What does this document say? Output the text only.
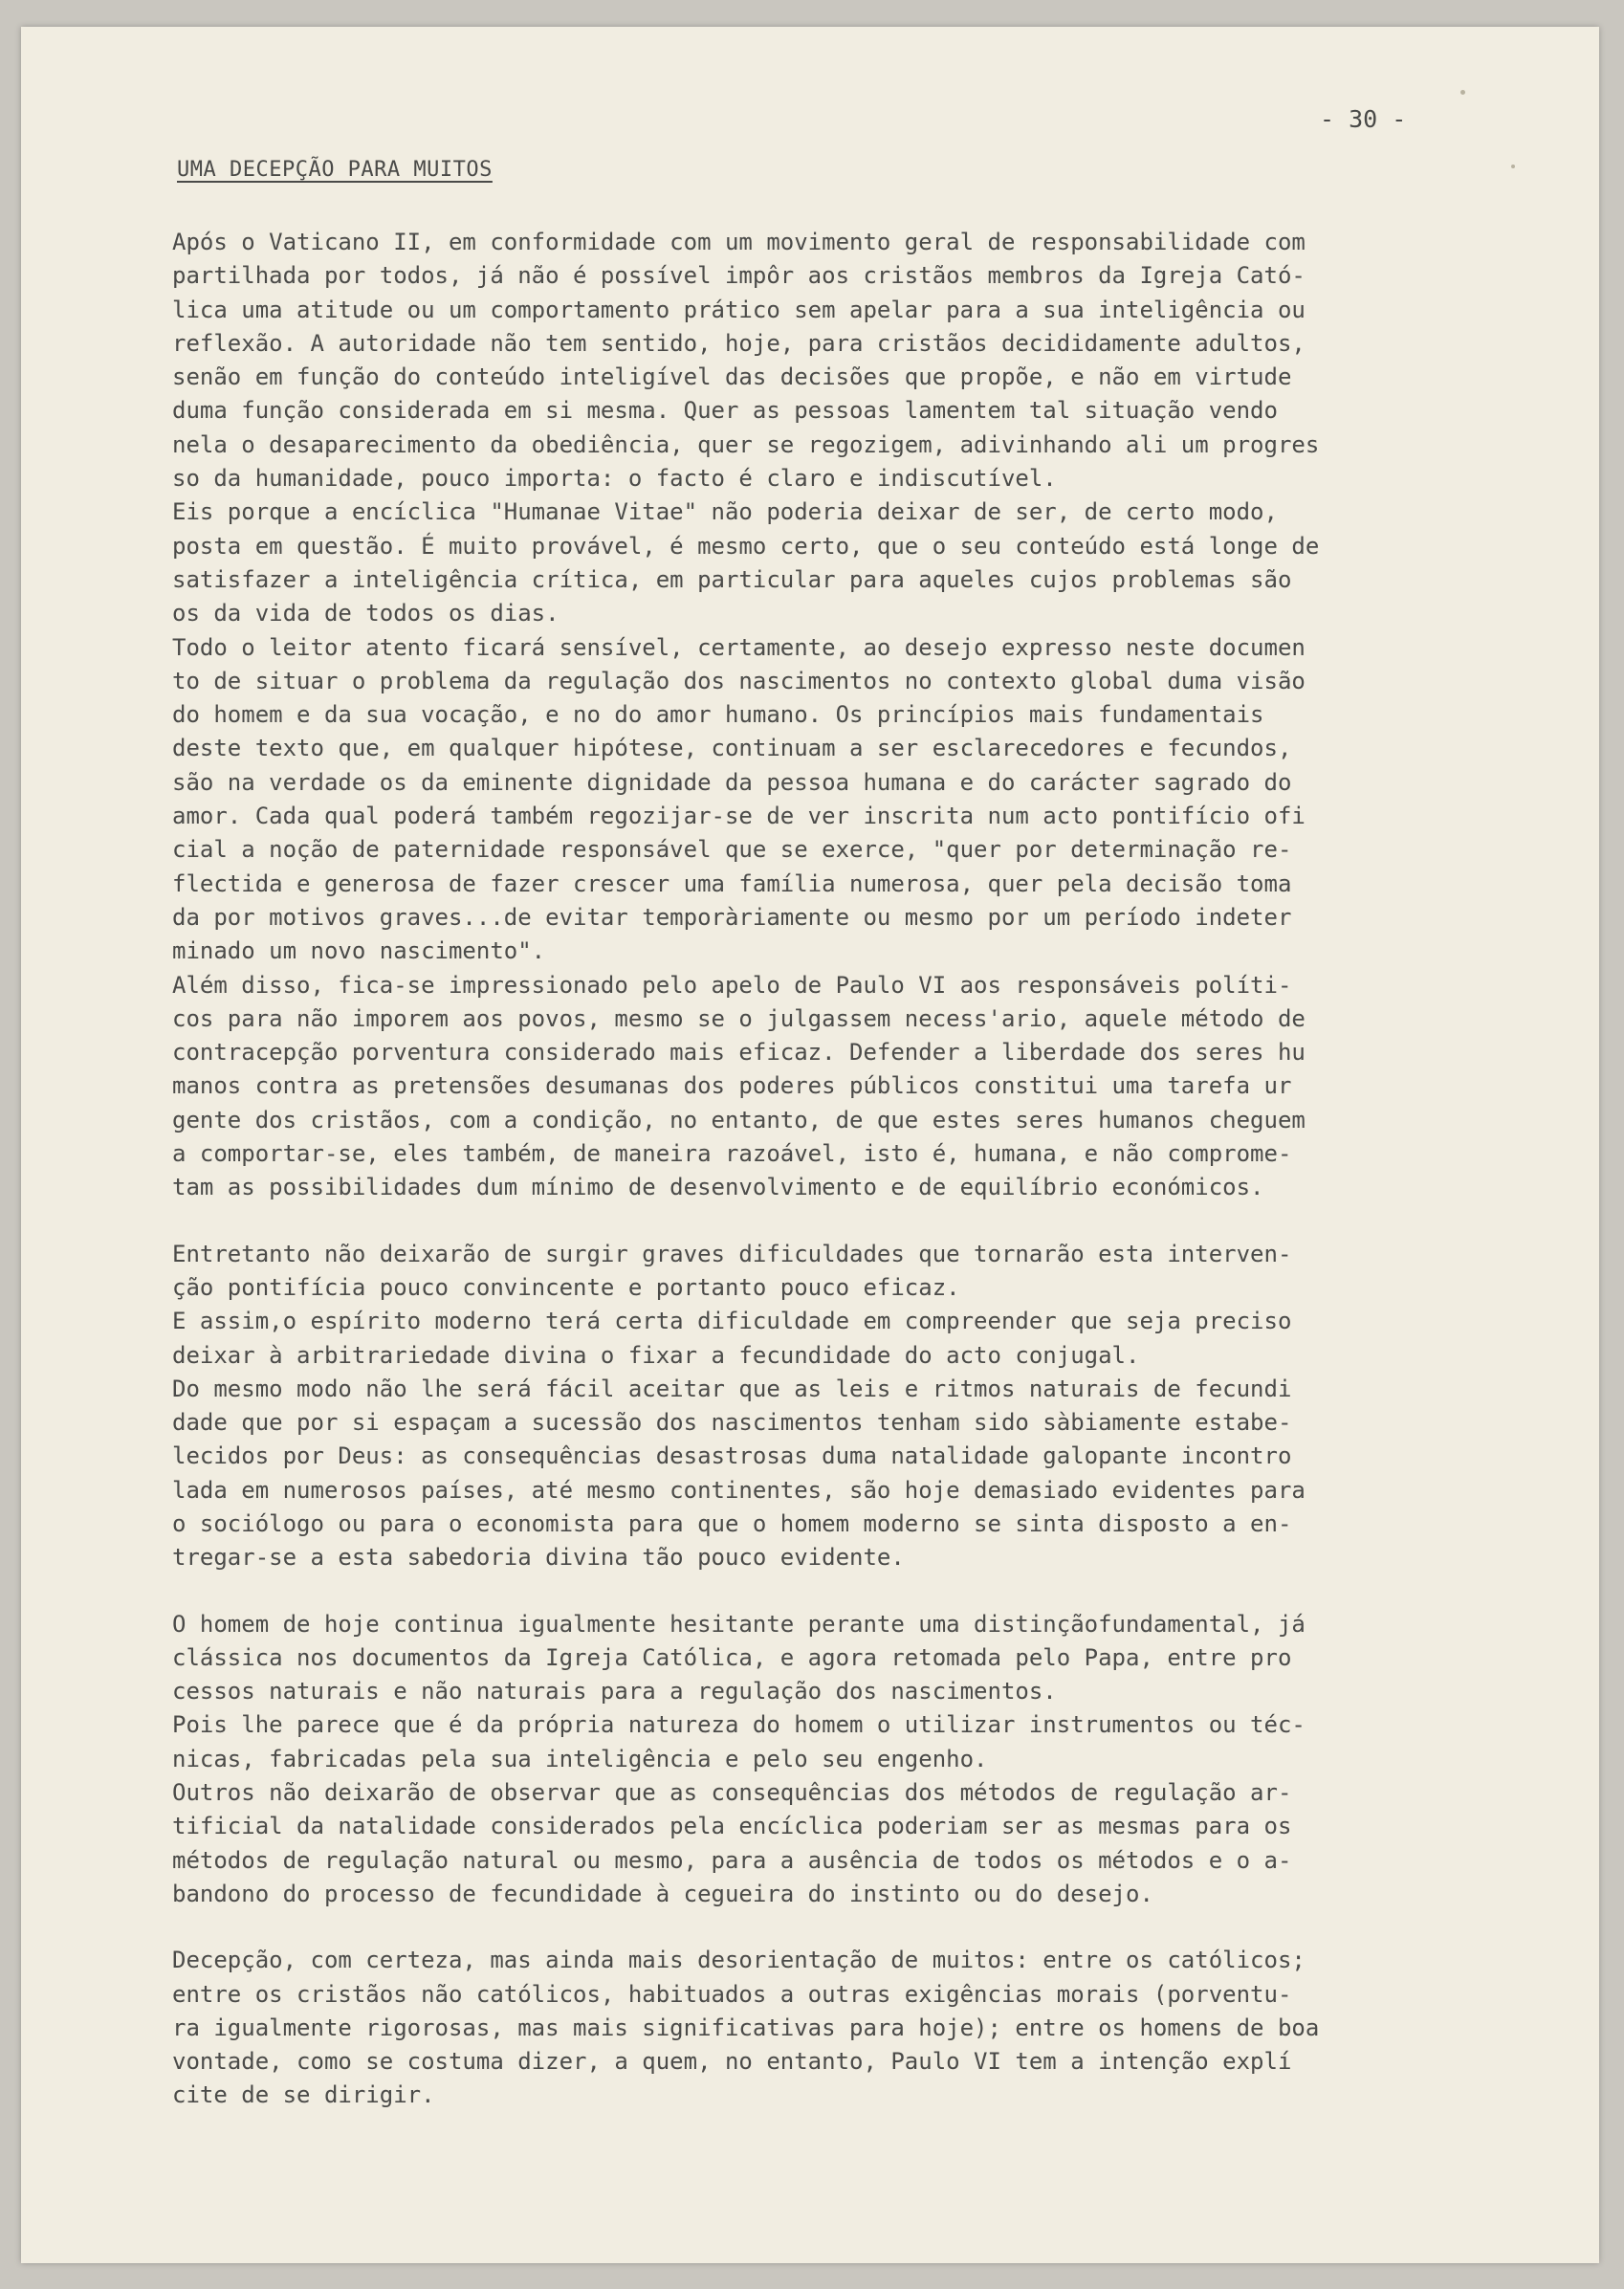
- 30 -
UMA DECEPÇÃO PARA MUITOS
Após o Vaticano II, em conformidade com um movimento geral de responsabilidade com
partilhada por todos, já não é possível impôr aos cristãos membros da Igreja Cató-
lica uma atitude ou um comportamento prático sem apelar para a sua inteligência ou
reflexão. A autoridade não tem sentido, hoje, para cristãos decididamente adultos,
senão em função do conteúdo inteligível das decisões que propõe, e não em virtude
duma função considerada em si mesma. Quer as pessoas lamentem tal situação vendo
nela o desaparecimento da obediência, quer se regozigem, adivinhando ali um progres
so da humanidade, pouco importa: o facto é claro e indiscutível.
Eis porque a encíclica "Humanae Vitae" não poderia deixar de ser, de certo modo,
posta em questão. É muito provável, é mesmo certo, que o seu conteúdo está longe de
satisfazer a inteligência crítica, em particular para aqueles cujos problemas são
os da vida de todos os dias.
Todo o leitor atento ficará sensível, certamente, ao desejo expresso neste documen
to de situar o problema da regulação dos nascimentos no contexto global duma visão
do homem e da sua vocação, e no do amor humano. Os princípios mais fundamentais
deste texto que, em qualquer hipótese, continuam a ser esclarecedores e fecundos,
são na verdade os da eminente dignidade da pessoa humana e do carácter sagrado do
amor. Cada qual poderá também regozijar-se de ver inscrita num acto pontifício ofi
cial a noção de paternidade responsável que se exerce, "quer por determinação re-
flectida e generosa de fazer crescer uma família numerosa, quer pela decisão toma
da por motivos graves...de evitar temporàriamente ou mesmo por um período indeter
minado um novo nascimento".
Além disso, fica-se impressionado pelo apelo de Paulo VI aos responsáveis políti-
cos para não imporem aos povos, mesmo se o julgassem necess'ario, aquele método de
contracepção porventura considerado mais eficaz. Defender a liberdade dos seres hu
manos contra as pretensões desumanas dos poderes públicos constitui uma tarefa ur
gente dos cristãos, com a condição, no entanto, de que estes seres humanos cheguem
a comportar-se, eles também, de maneira razoável, isto é, humana, e não comprome-
tam as possibilidades dum mínimo de desenvolvimento e de equilíbrio económicos.
Entretanto não deixarão de surgir graves dificuldades que tornarão esta interven-
ção pontifícia pouco convincente e portanto pouco eficaz.
E assim,o espírito moderno terá certa dificuldade em compreender que seja preciso
deixar à arbitrariedade divina o fixar a fecundidade do acto conjugal.
Do mesmo modo não lhe será fácil aceitar que as leis e ritmos naturais de fecundi
dade que por si espaçam a sucessão dos nascimentos tenham sido sàbiamente estabe-
lecidos por Deus: as consequências desastrosas duma natalidade galopante incontro
lada em numerosos países, até mesmo continentes, são hoje demasiado evidentes para
o sociólogo ou para o economista para que o homem moderno se sinta disposto a en-
tregar-se a esta sabedoria divina tão pouco evidente.
O homem de hoje continua igualmente hesitante perante uma distinçãofundamental, já
clássica nos documentos da Igreja Católica, e agora retomada pelo Papa, entre pro
cessos naturais e não naturais para a regulação dos nascimentos.
Pois lhe parece que é da própria natureza do homem o utilizar instrumentos ou téc-
nicas, fabricadas pela sua inteligência e pelo seu engenho.
Outros não deixarão de observar que as consequências dos métodos de regulação ar-
tificial da natalidade considerados pela encíclica poderiam ser as mesmas para os
métodos de regulação natural ou mesmo, para a ausência de todos os métodos e o a-
bandono do processo de fecundidade à cegueira do instinto ou do desejo.
Decepção, com certeza, mas ainda mais desorientação de muitos: entre os católicos;
entre os cristãos não católicos, habituados a outras exigências morais (porventu-
ra igualmente rigorosas, mas mais significativas para hoje); entre os homens de boa
vontade, como se costuma dizer, a quem, no entanto, Paulo VI tem a intenção explí
cite de se dirigir.
